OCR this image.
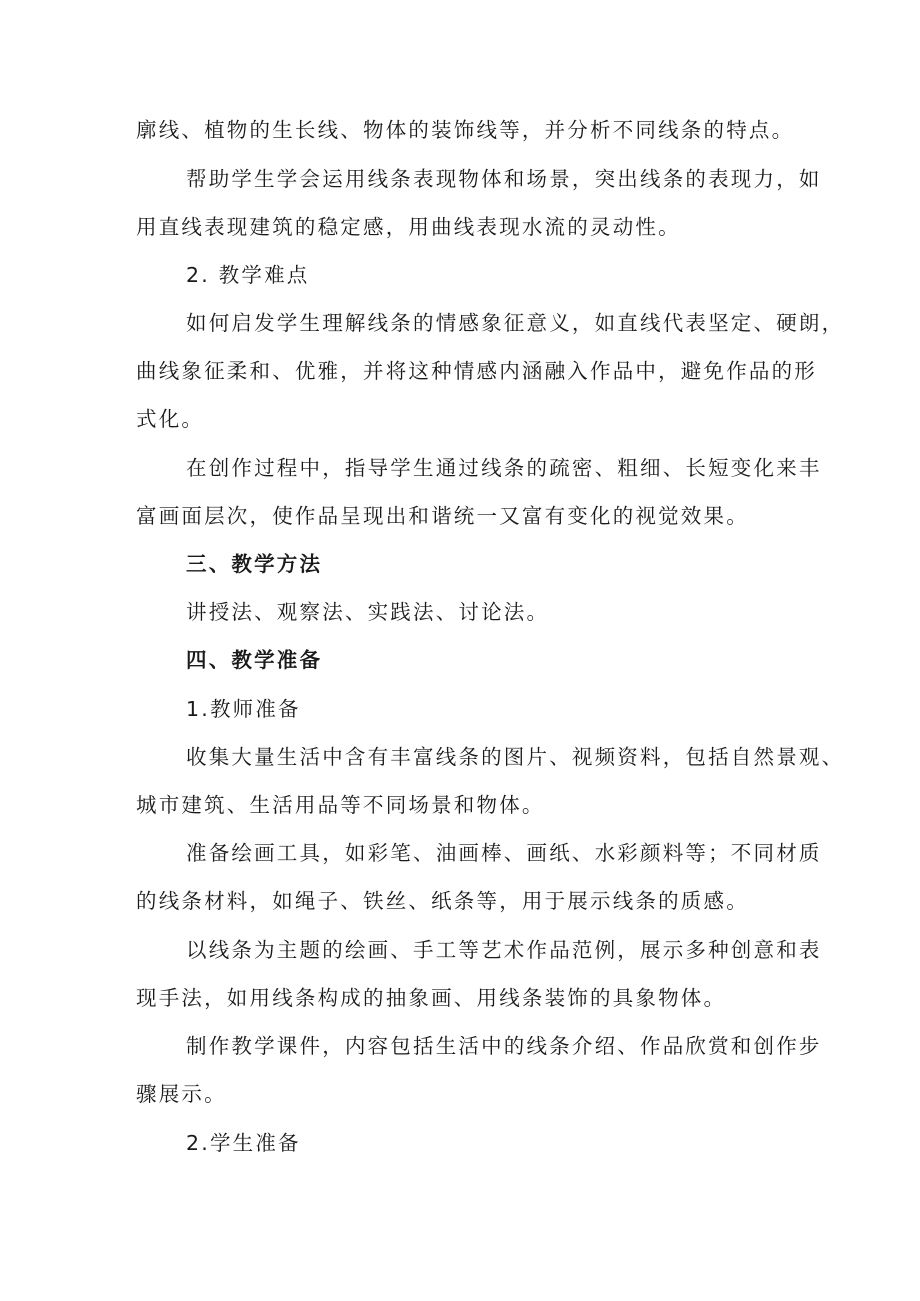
廓线、植物的生长线、物体的装饰线等，并分析不同线条的特点。
帮助学生学会运用线条表现物体和场景，突出线条的表现力，如
用直线表现建筑的稳定感，用曲线表现水流的灵动性。
2. 教学难点
如何启发学生理解线条的情感象征意义，如直线代表坚定、硬朗，
曲线象征柔和、优雅，并将这种情感内涵融入作品中，避免作品的形
式化。
在创作过程中，指导学生通过线条的疏密、粗细、长短变化来丰
富画面层次，使作品呈现出和谐统一又富有变化的视觉效果。
三、教学方法
讲授法、观察法、实践法、讨论法。
四、教学准备
1.教师准备
收集大量生活中含有丰富线条的图片、视频资料，包括自然景观、
城市建筑、生活用品等不同场景和物体。
准备绘画工具，如彩笔、油画棒、画纸、水彩颜料等；不同材质
的线条材料，如绳子、铁丝、纸条等，用于展示线条的质感。
以线条为主题的绘画、手工等艺术作品范例，展示多种创意和表
现手法，如用线条构成的抽象画、用线条装饰的具象物体。
制作教学课件，内容包括生活中的线条介绍、作品欣赏和创作步
骤展示。
2.学生准备
